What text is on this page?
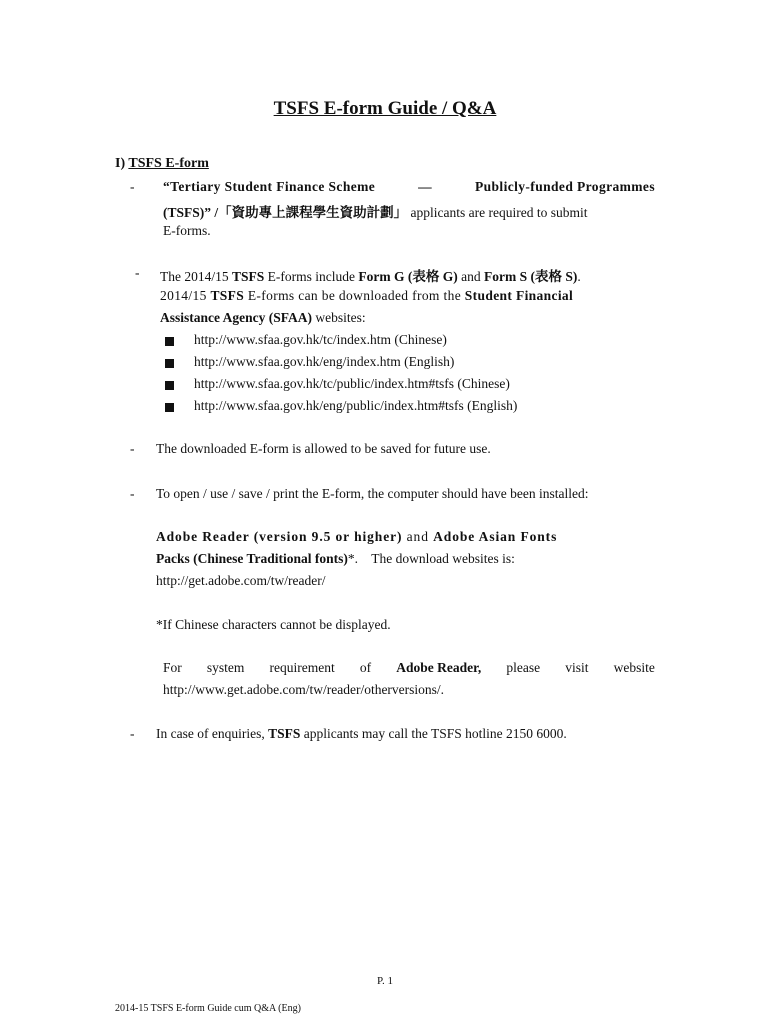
TSFS E-form Guide / Q&A
I) TSFS E-form
- “Tertiary Student Finance Scheme	—	Publicly-funded Programmes
(TSFS)” /「資助專上課程學生資助計劃」 applicants are required to submit
E-forms.
- The 2014/15 TSFS E-forms include Form G (表格 G) and Form S (表格 S).
2014/15 TSFS E-forms can be downloaded from the Student Financial
Assistance Agency (SFAA) websites:
http://www.sfaa.gov.hk/tc/index.htm (Chinese)
http://www.sfaa.gov.hk/eng/index.htm (English)
http://www.sfaa.gov.hk/tc/public/index.htm#tsfs (Chinese)
http://www.sfaa.gov.hk/eng/public/index.htm#tsfs (English)
- The downloaded E-form is allowed to be saved for future use.
- To open / use / save / print the E-form, the computer should have been installed:
Adobe Reader (version 9.5 or higher) and Adobe Asian Fonts
Packs (Chinese Traditional fonts)*.    The download websites is:
http://get.adobe.com/tw/reader/
*If Chinese characters cannot be displayed.
For system requirement of Adobe Reader, please visit website
http://www.get.adobe.com/tw/reader/otherversions/.
- In case of enquiries, TSFS applicants may call the TSFS hotline 2150 6000.
P. 1
2014-15 TSFS E-form Guide cum Q&A (Eng)
